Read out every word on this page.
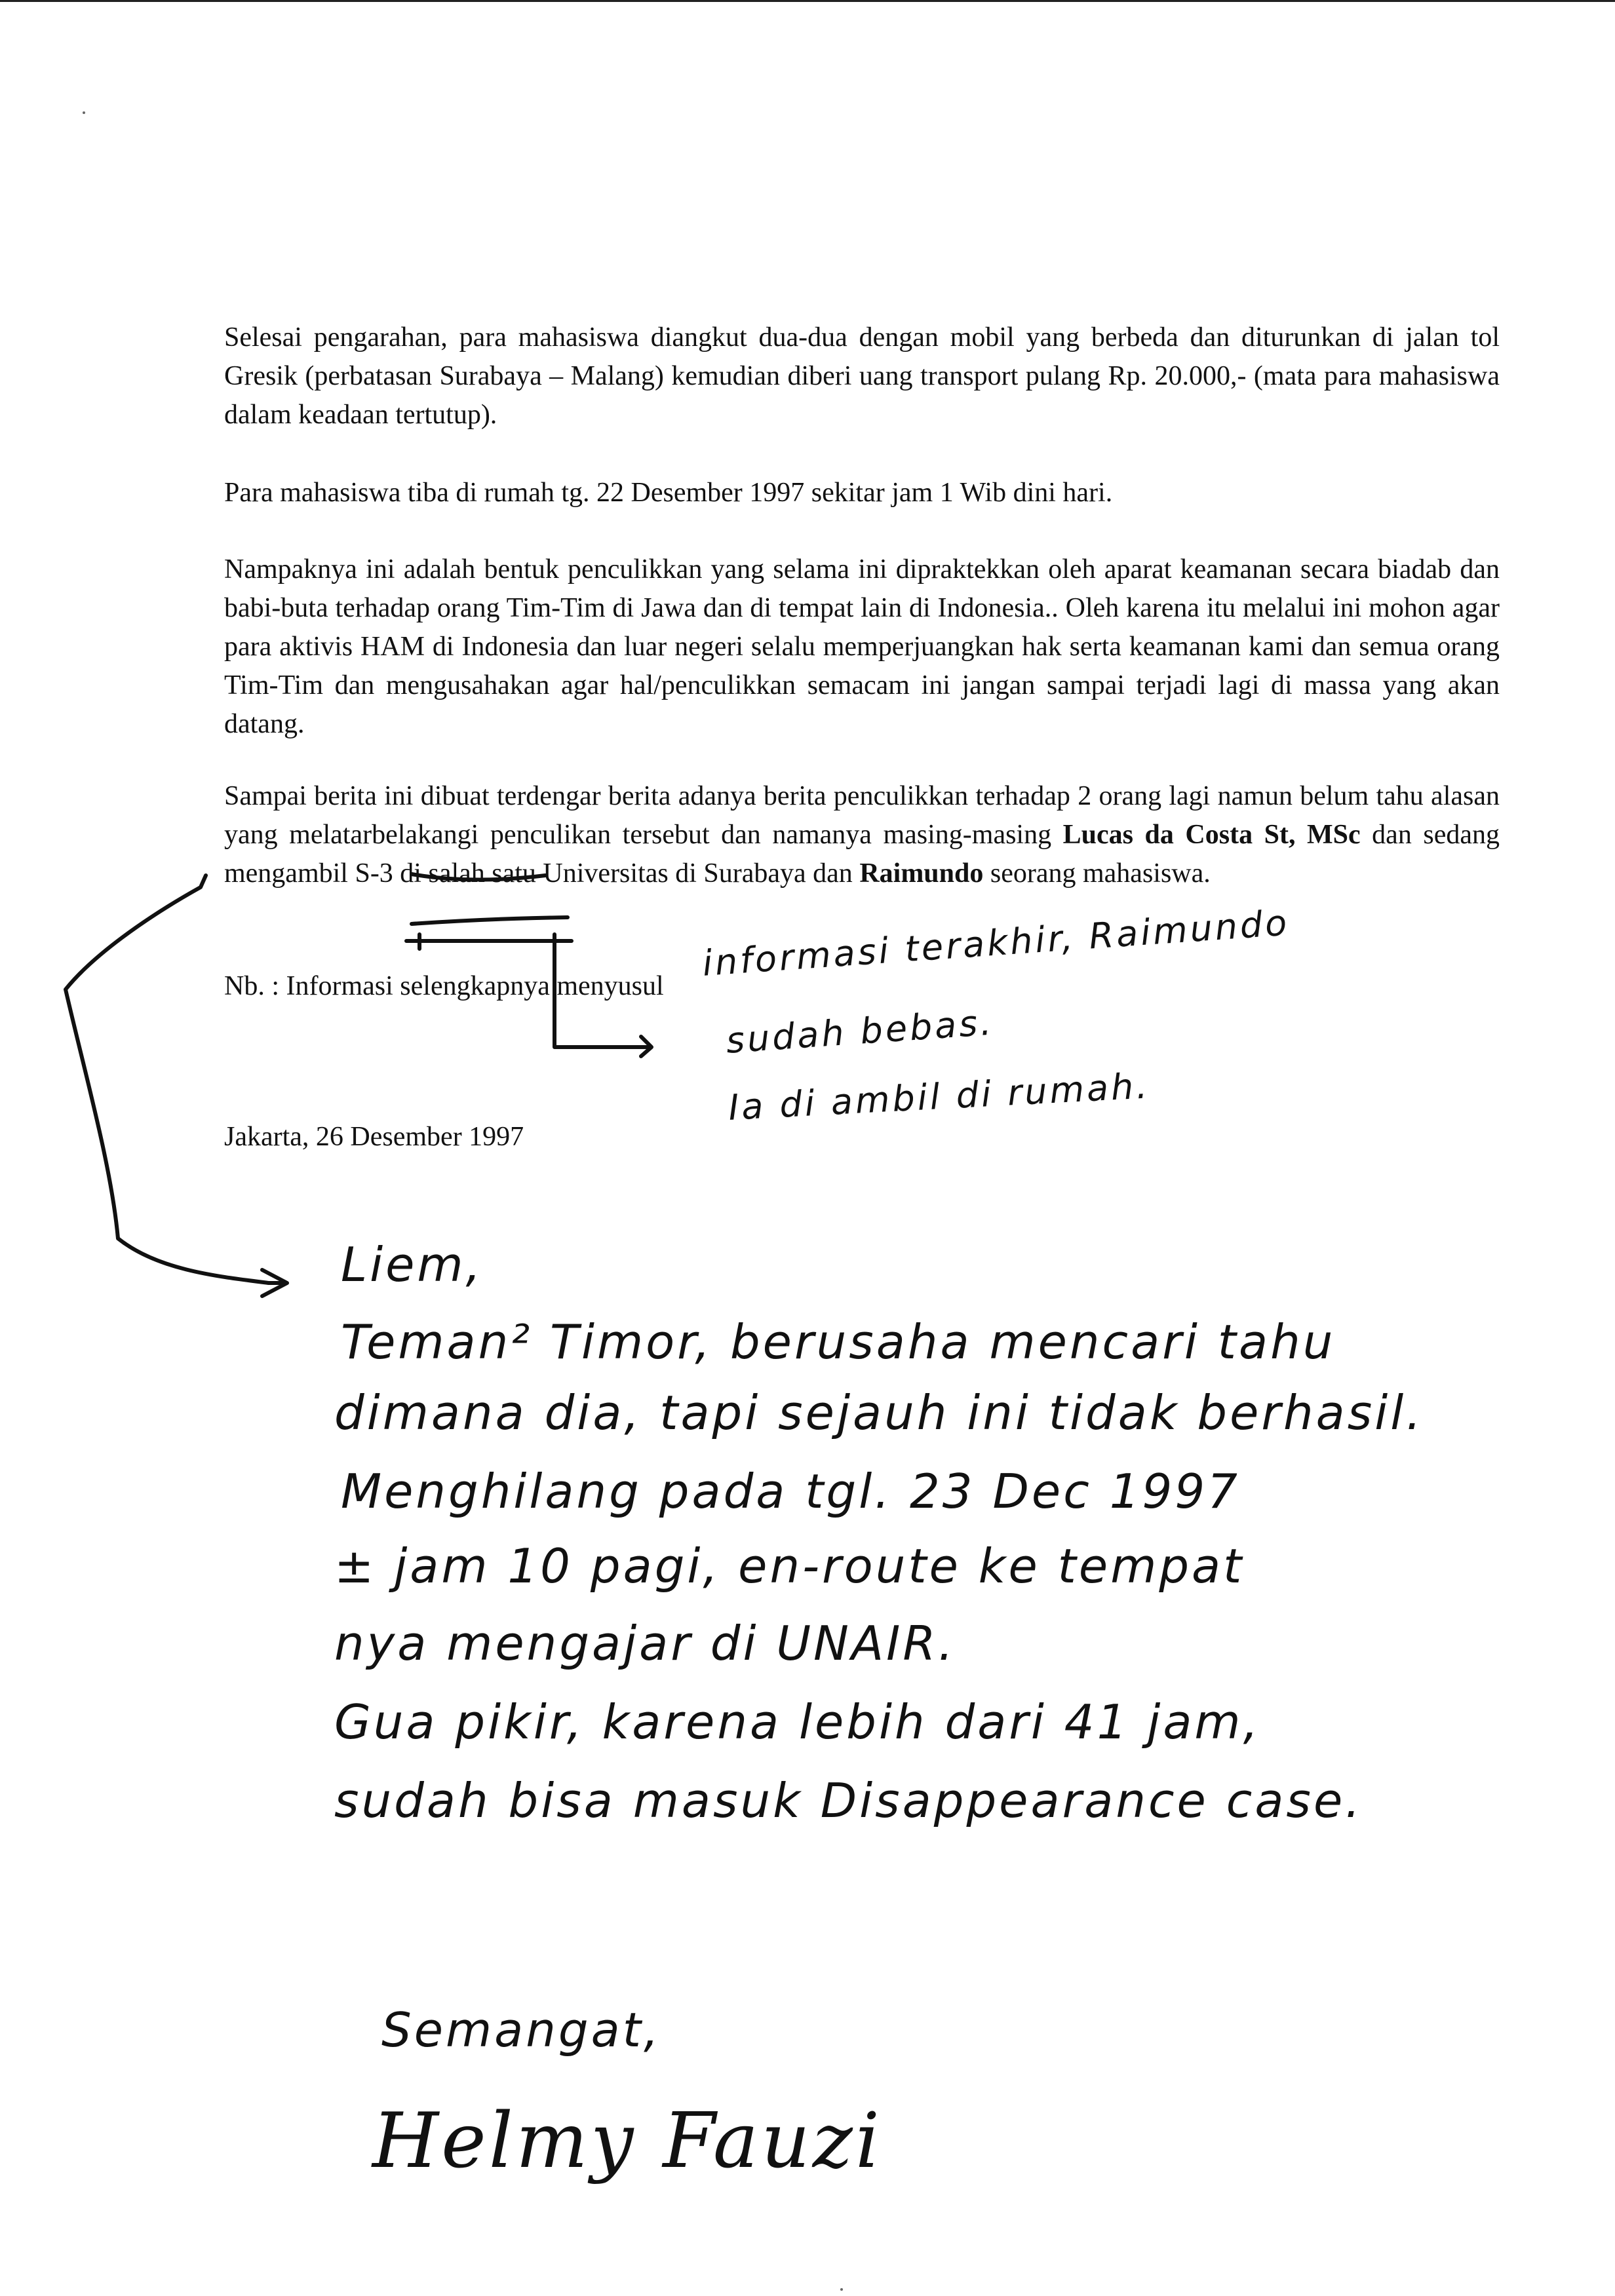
Selesai pengarahan, para mahasiswa diangkut dua-dua dengan mobil yang berbeda dan diturunkan di jalan tol Gresik (perbatasan Surabaya – Malang) kemudian diberi uang transport pulang Rp. 20.000,- (mata para mahasiswa dalam keadaan tertutup).

Para mahasiswa tiba di rumah tg. 22 Desember 1997 sekitar jam 1 Wib dini hari.

Nampaknya ini adalah bentuk penculikkan yang selama ini dipraktekkan oleh aparat keamanan secara biadab dan babi-buta terhadap orang Tim-Tim di Jawa dan di tempat lain di Indonesia.. Oleh karena itu melalui ini mohon agar para aktivis HAM di Indonesia dan luar negeri selalu memperjuangkan hak serta keamanan kami dan semua orang Tim-Tim dan mengusahakan agar hal/penculikkan semacam ini jangan sampai terjadi lagi di massa yang akan datang.

Sampai berita ini dibuat terdengar berita adanya berita penculikkan terhadap 2 orang lagi namun belum tahu alasan yang melatarbelakangi penculikan tersebut dan namanya masing-masing Lucas da Costa St, MSc dan sedang mengambil S-3 di salah satu Universitas di Surabaya dan Raimundo seorang mahasiswa.

Nb. : Informasi selengkapnya menyusul

Jakarta, 26 Desember 1997

informasi terakhir, Raimundo

sudah bebas.

Ia di ambil di rumah.

Liem,

Teman² Timor, berusaha mencari tahu

dimana dia, tapi sejauh ini tidak berhasil.

Menghilang pada tgl. 23 Dec 1997

± jam 10 pagi, en-route ke tempat

nya mengajar di UNAIR.

Gua pikir, karena lebih dari 41 jam,

sudah bisa masuk Disappearance case.

Semangat,

Helmy Fauzi
